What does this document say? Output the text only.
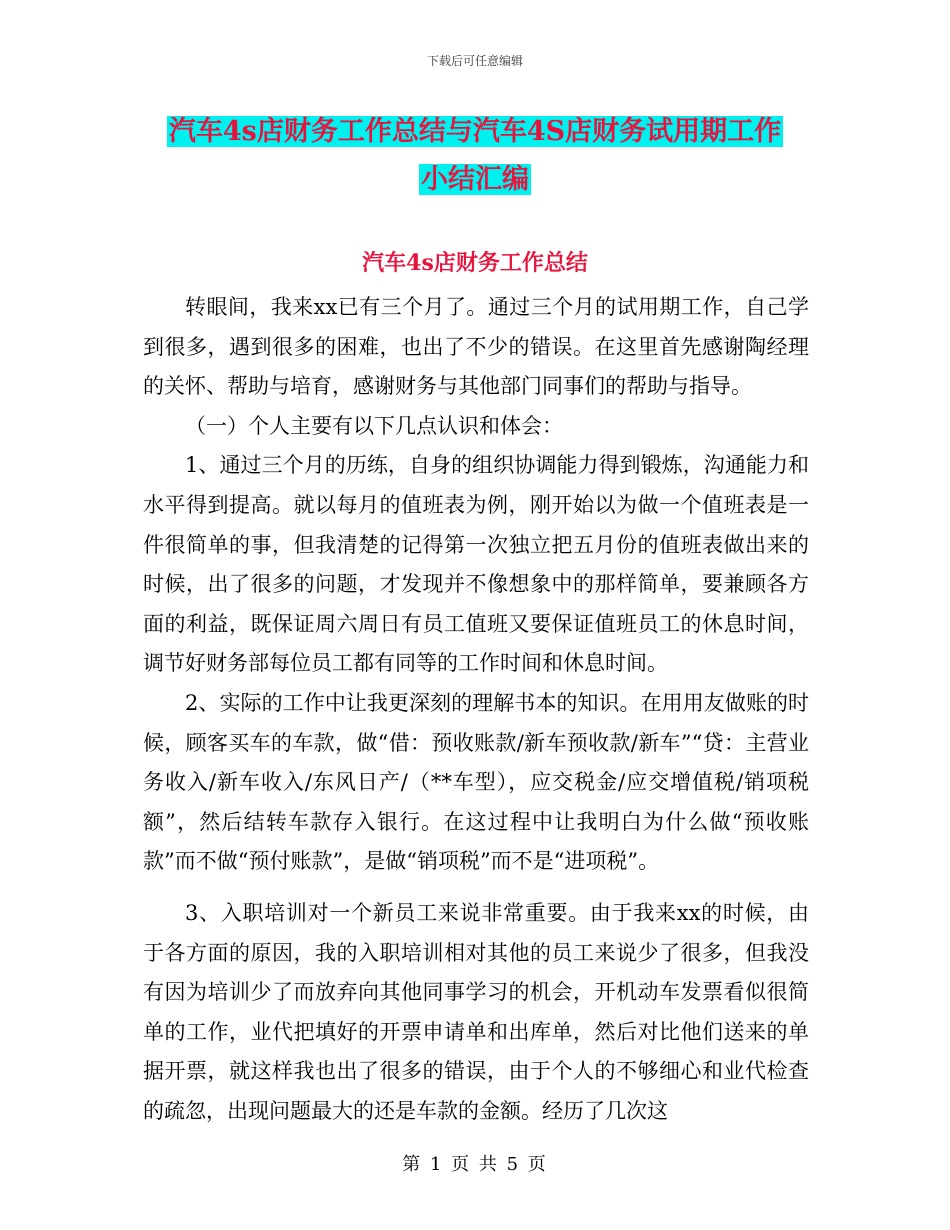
下载后可任意编辑
汽车4s店财务工作总结与汽车4S店财务试用期工作
小结汇编
汽车4s店财务工作总结

转眼间，我来xx已有三个月了。通过三个月的试用期工作，自己学到很多，遇到很多的困难，也出了不少的错误。在这里首先感谢陶经理的关怀、帮助与培育，感谢财务与其他部门同事们的帮助与指导。

（一）个人主要有以下几点认识和体会：

1、通过三个月的历练，自身的组织协调能力得到锻炼，沟通能力和水平得到提高。就以每月的值班表为例，刚开始以为做一个值班表是一件很简单的事，但我清楚的记得第一次独立把五月份的值班表做出来的时候，出了很多的问题，才发现并不像想象中的那样简单，要兼顾各方面的利益，既保证周六周日有员工值班又要保证值班员工的休息时间，调节好财务部每位员工都有同等的工作时间和休息时间。

2、实际的工作中让我更深刻的理解书本的知识。在用用友做账的时候，顾客买车的车款，做“借：预收账款/新车预收款/新车”“贷：主营业务收入/新车收入/东风日产/（**车型），应交税金/应交增值税/销项税额”，然后结转车款存入银行。在这过程中让我明白为什么做“预收账款”而不做“预付账款”，是做“销项税”而不是“进项税”。

3、入职培训对一个新员工来说非常重要。由于我来xx的时候，由于各方面的原因，我的入职培训相对其他的员工来说少了很多，但我没有因为培训少了而放弃向其他同事学习的机会，开机动车发票看似很简单的工作，业代把填好的开票申请单和出库单，然后对比他们送来的单据开票，就这样我也出了很多的错误，由于个人的不够细心和业代检查的疏忽，出现问题最大的还是车款的金额。经历了几次这

第 1 页 共 5 页
